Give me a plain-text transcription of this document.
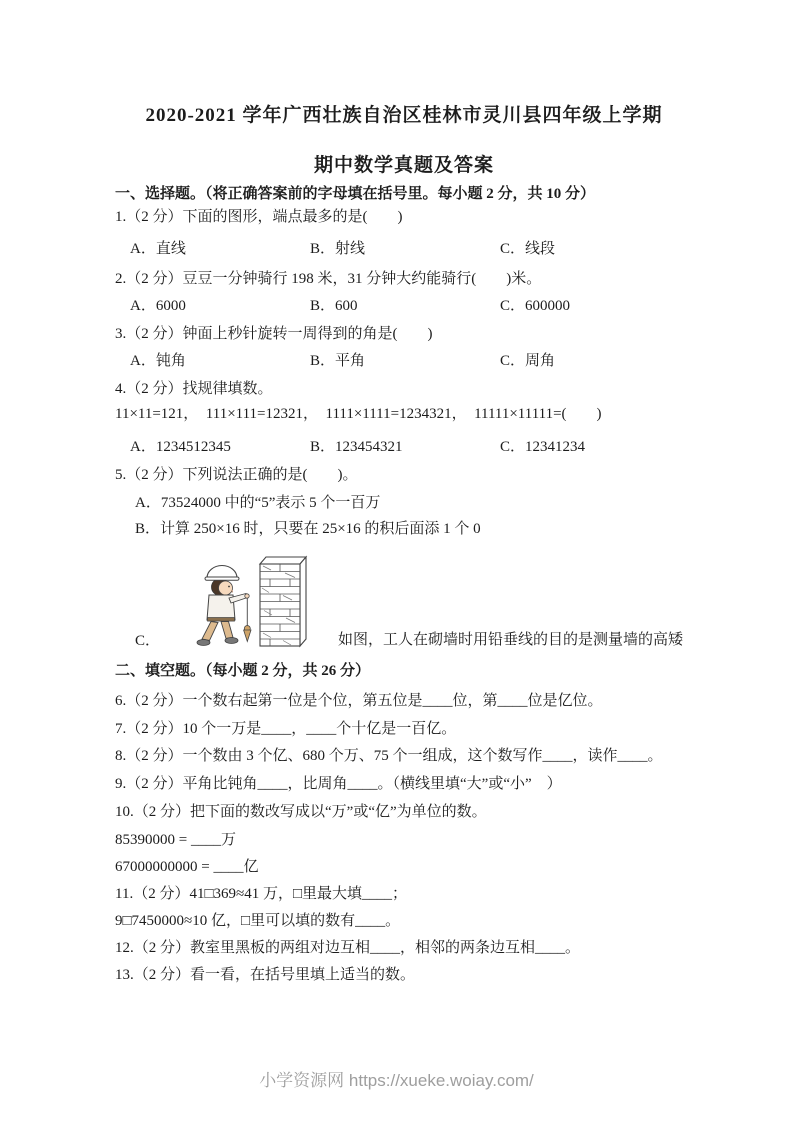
2020-2021 学年广西壮族自治区桂林市灵川县四年级上学期
期中数学真题及答案
一、选择题。（将正确答案前的字母填在括号里。每小题 2 分，共 10 分）
1.（2 分）下面的图形，端点最多的是(　　)
A．直线	B．射线	C．线段
2.（2 分）豆豆一分钟骑行 198 米，31 分钟大约能骑行(　　)米。
A．6000	B．600	C．600000
3.（2 分）钟面上秒针旋转一周得到的角是(　　)
A．钝角	B．平角	C．周角
4.（2 分）找规律填数。
11×11=121，　111×111=12321，　1111×1111=1234321，　11111×11111=(　　)
A．1234512345	B．123454321	C．12341234
5.（2 分）下列说法正确的是(　　)。
A．73524000 中的“5”表示 5 个一百万
B．计算 250×16 时，只要在 25×16 的积后面添 1 个 0
C．	如图，工人在砌墙时用铅垂线的目的是测量墙的高矮
二、填空题。（每小题 2 分，共 26 分）
6.（2 分）一个数右起第一位是个位，第五位是____位，第____位是亿位。
7.（2 分）10 个一万是____，____个十亿是一百亿。
8.（2 分）一个数由 3 个亿、680 个万、75 个一组成，这个数写作____，读作____。
9.（2 分）平角比钝角____，比周角____。（横线里填“大”或“小”　）
10.（2 分）把下面的数改写成以“万”或“亿”为单位的数。
85390000 = ____万
67000000000 = ____亿
11.（2 分）41□369≈41 万，□里最大填____；
9□7450000≈10 亿，□里可以填的数有____。
12.（2 分）教室里黑板的两组对边互相____，相邻的两条边互相____。
13.（2 分）看一看，在括号里填上适当的数。
小学资源网 https://xueke.woiay.com/
